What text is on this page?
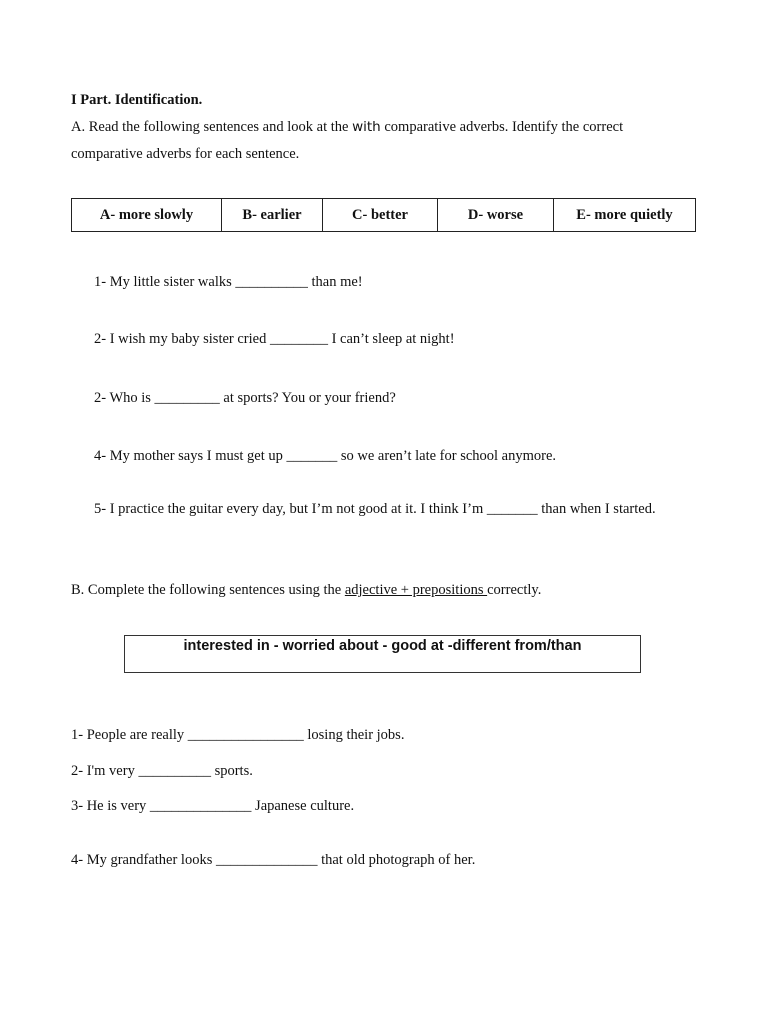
I Part. Identification.
A. Read the following sentences and look at the with comparative adverbs. Identify the correct
comparative adverbs for each sentence.
A- more slowly	B- earlier	C- better	D- worse	E- more quietly
1- My little sister walks __________ than me!
2- I wish my baby sister cried ________ I can’t sleep at night!
2- Who is _________ at sports? You or your friend?
4- My mother says I must get up _______ so we aren’t late for school anymore.
5- I practice the guitar every day, but I’m not good at it. I think I’m _______ than when I started.
B. Complete the following sentences using the adjective + prepositions correctly.
interested in - worried about - good at -different from/than
1- People are really ________________ losing their jobs.
2- I'm very __________ sports.
3- He is very ______________ Japanese culture.
4- My grandfather looks ______________ that old photograph of her.
